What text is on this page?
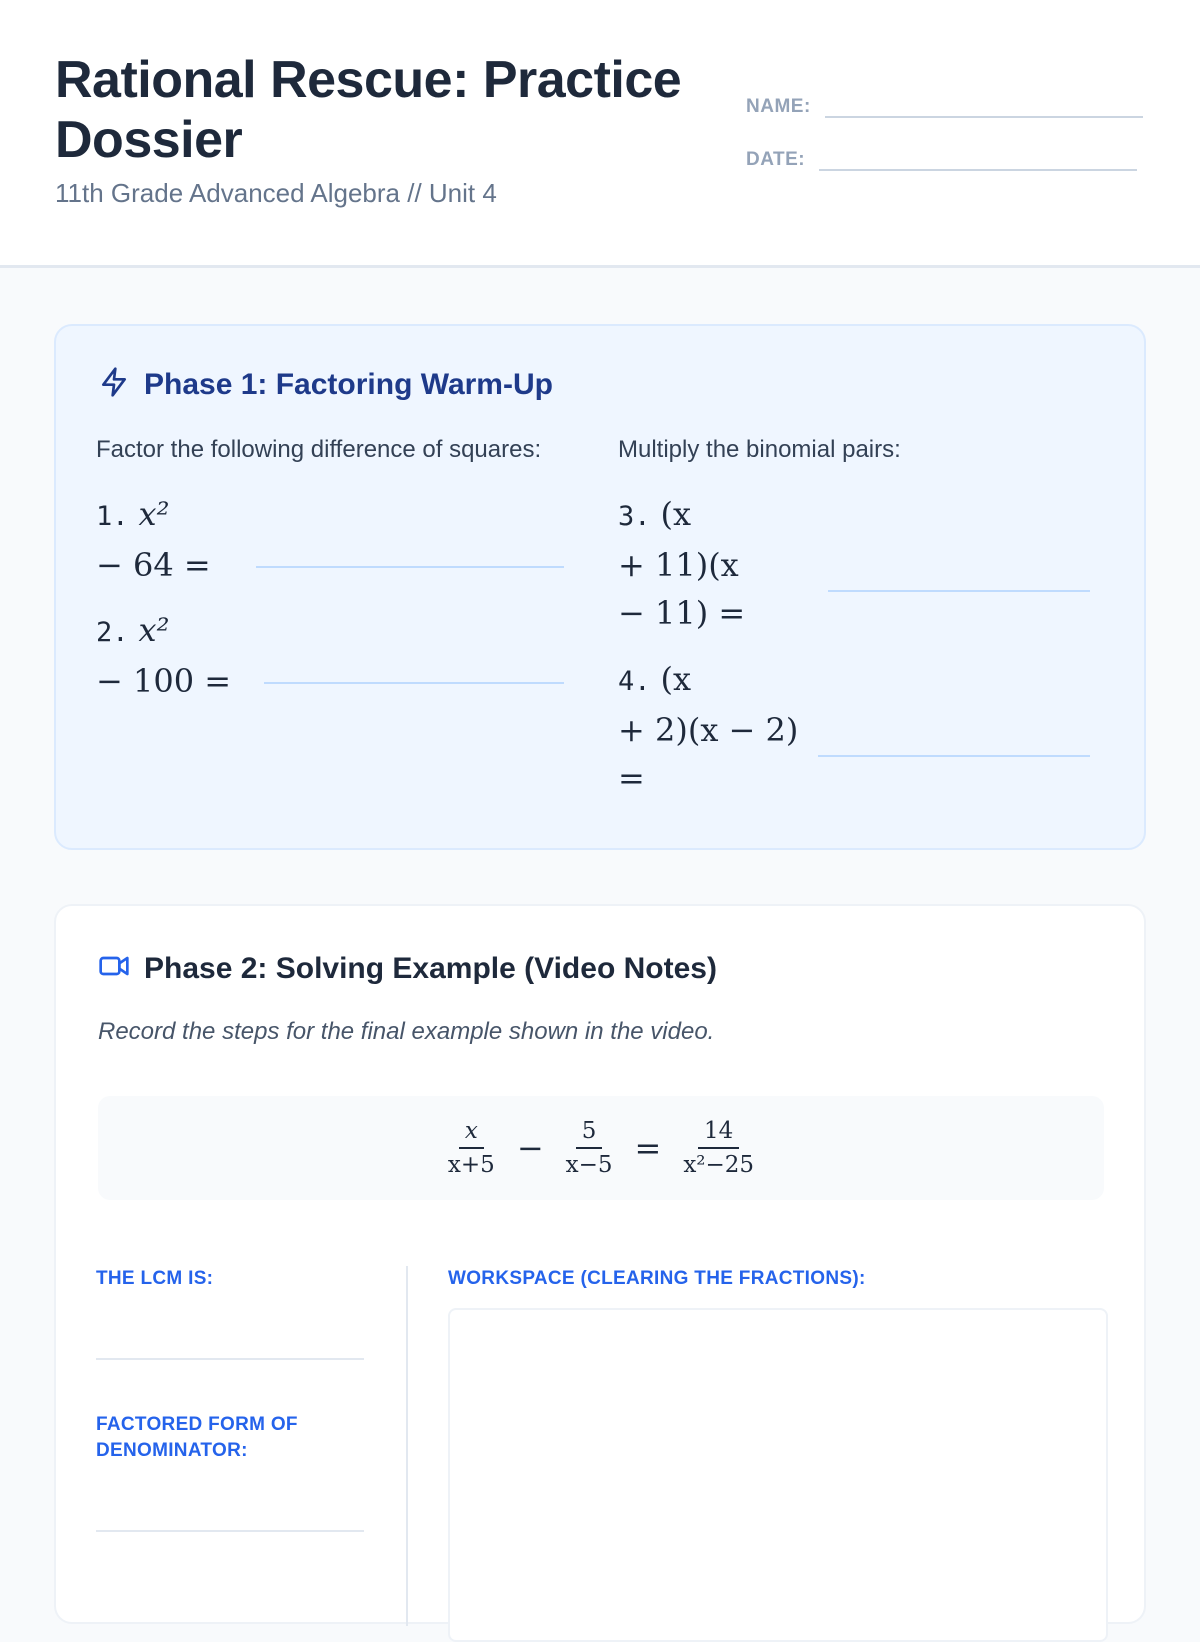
Rational Rescue: Practice Dossier

11th Grade Advanced Algebra // Unit 4

NAME:
DATE:
Phase 1: Factoring Warm-Up
Factor the following difference of squares:	Multiply the binomial pairs:
1. x²
− 64 =
2. x²
− 100 =
3. (x
+ 11)(x
− 11) =
4. (x
+ 2)(x − 2)
=
Phase 2: Solving Example (Video Notes)
Record the steps for the final example shown in the video.
$\frac{x}{x+5} - \frac{5}{x-5} = \frac{14}{\text{x²−25}}$
THE LCM IS:
FACTORED FORM OF DENOMINATOR:
WORKSPACE (CLEARING THE FRACTIONS):
